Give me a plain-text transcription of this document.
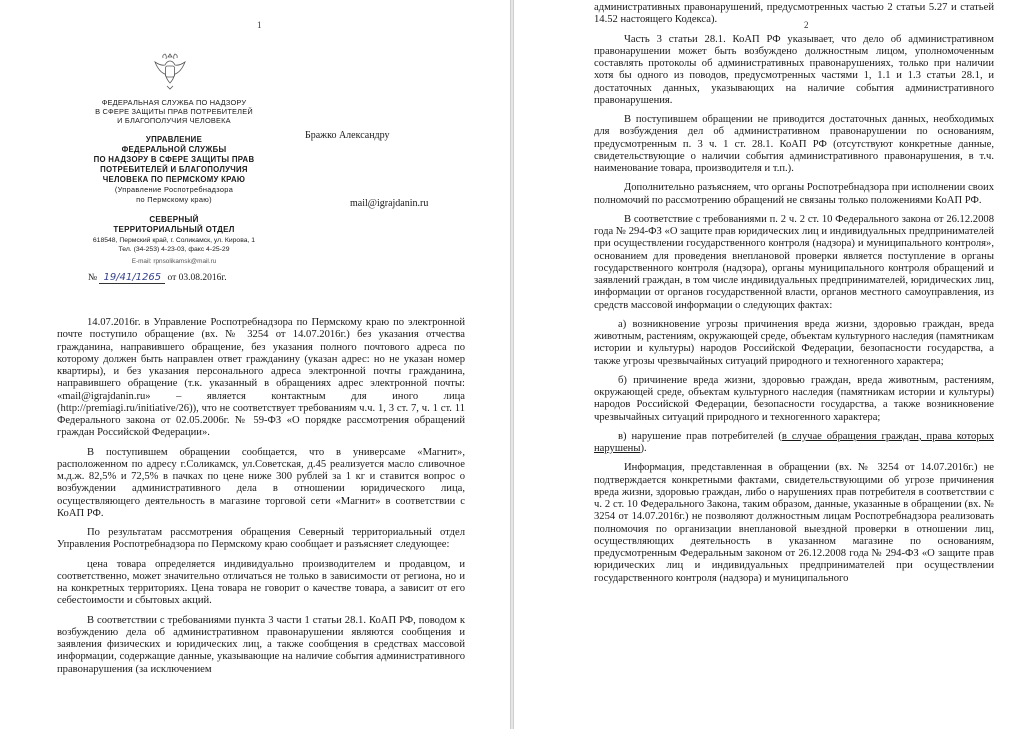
1
ФЕДЕРАЛЬНАЯ СЛУЖБА ПО НАДЗОРУ
В СФЕРЕ ЗАЩИТЫ ПРАВ ПОТРЕБИТЕЛЕЙ
И БЛАГОПОЛУЧИЯ ЧЕЛОВЕКА
УПРАВЛЕНИЕ
ФЕДЕРАЛЬНОЙ СЛУЖБЫ
ПО НАДЗОРУ В СФЕРЕ ЗАЩИТЫ ПРАВ
ПОТРЕБИТЕЛЕЙ И БЛАГОПОЛУЧИЯ
ЧЕЛОВЕКА ПО ПЕРМСКОМУ КРАЮ
(Управление Роспотребнадзора
по Пермскому краю)
СЕВЕРНЫЙ
ТЕРРИТОРИАЛЬНЫЙ ОТДЕЛ
618548, Пермский край, г. Соликамск, ул. Кирова, 1
Тел. (34-253) 4-23-03, факс 4-25-29
E-mail: rpnsolikamsk@mail.ru
№ 19/41/1265 от 03.08.2016г.
Бражко Александру
mail@igrajdanin.ru

14.07.2016г. в Управление Роспотребнадзора по Пермскому краю по электронной почте поступило обращение (вх. № 3254 от 14.07.2016г.) без указания отчества гражданина, направившего обращение, без указания полного почтового адреса по которому должен быть направлен ответ гражданину (указан адрес: но не указан номер квартиры), и без указания персонального адреса электронной почты гражданина, направившего обращение (т.к. указанный в обращениях адрес электронной почты: «mail@igrajdanin.ru» – является контактным для иного лица (http://premiagi.ru/initiative/26)), что не соответствует требованиям ч.ч. 1, 3 ст. 7, ч. 1 ст. 11 Федерального закона от 02.05.2006г. № 59-ФЗ «О порядке рассмотрения обращений граждан Российской Федерации».

В поступившем обращении сообщается, что в универсаме «Магнит», расположенном по адресу г.Соликамск, ул.Советская, д.45 реализуется масло сливочное м.д.ж. 82,5% и 72,5% в пачках по цене ниже 300 рублей за 1 кг и ставится вопрос о возбуждении административного дела в отношении юридического лица, осуществляющего деятельность в магазине торговой сети «Магнит» в соответствии с КоАП РФ.

По результатам рассмотрения обращения Северный территориальный отдел Управления Роспотребнадзора по Пермскому краю сообщает и разъясняет следующее:

цена товара определяется индивидуально производителем и продавцом, и соответственно, может значительно отличаться не только в зависимости от региона, но и на конкретных территориях. Цена товара не говорит о качестве товара, а зависит от его себестоимости и сбытовых акций.

В соответствии с требованиями пункта 3 части 1 статьи 28.1. КоАП РФ, поводом к возбуждению дела об административном правонарушении являются сообщения и заявления физических и юридических лиц, а также сообщения в средствах массовой информации, содержащие данные, указывающие на наличие события административного правонарушения (за исключением

2

административных правонарушений, предусмотренных частью 2 статьи 5.27 и статьей 14.52 настоящего Кодекса).

Часть 3 статьи 28.1. КоАП РФ указывает, что дело об административном правонарушении может быть возбуждено должностным лицом, уполномоченным составлять протоколы об административных правонарушениях, только при наличии хотя бы одного из поводов, предусмотренных частями 1, 1.1 и 1.3 статьи 28.1, и достаточных данных, указывающих на наличие события административного правонарушения.

В поступившем обращении не приводится достаточных данных, необходимых для возбуждения дел об административном правонарушении по основаниям, предусмотренным п. 3 ч. 1 ст. 28.1. КоАП РФ (отсутствуют конкретные данные, свидетельствующие о наличии события административного правонарушения, в т.ч. наименование товара, производителя и т.п.).

Дополнительно разъясняем, что органы Роспотребнадзора при исполнении своих полномочий по рассмотрению обращений не связаны только положениями КоАП РФ.

В соответствие с требованиями п. 2 ч. 2 ст. 10 Федерального закона от 26.12.2008 года № 294-ФЗ «О защите прав юридических лиц и индивидуальных предпринимателей при осуществлении государственного контроля (надзора) и муниципального контроля», основанием для проведения внеплановой проверки является поступление в органы государственного контроля (надзора), органы муниципального контроля обращений и заявлений граждан, в том числе индивидуальных предпринимателей, юридических лиц, информации от органов государственной власти, органов местного самоуправления, из средств массовой информации о следующих фактах:

а) возникновение угрозы причинения вреда жизни, здоровью граждан, вреда животным, растениям, окружающей среде, объектам культурного наследия (памятникам истории и культуры) народов Российской Федерации, безопасности государства, а также угрозы чрезвычайных ситуаций природного и техногенного характера;

б) причинение вреда жизни, здоровью граждан, вреда животным, растениям, окружающей среде, объектам культурного наследия (памятникам истории и культуры) народов Российской Федерации, безопасности государства, а также возникновение чрезвычайных ситуаций природного и техногенного характера;

в) нарушение прав потребителей (в случае обращения граждан, права которых нарушены).

Информация, представленная в обращении (вх. № 3254 от 14.07.2016г.) не подтверждается конкретными фактами, свидетельствующими об угрозе причинения вреда жизни, здоровью граждан, либо о нарушениях прав потребителя в соответствии с ч. 2 ст. 10 Федерального Закона, таким образом, данные, указанные в обращении (вх. № 3254 от 14.07.2016г.) не позволяют должностным лицам Роспотребнадзора реализовать полномочия по организации внеплановой выездной проверки в отношении лиц, осуществляющих деятельность в указанном магазине по основаниям, предусмотренным Федеральным законом от 26.12.2008 года № 294-ФЗ «О защите прав юридических лиц и индивидуальных предпринимателей при осуществлении государственного контроля (надзора) и муниципального
